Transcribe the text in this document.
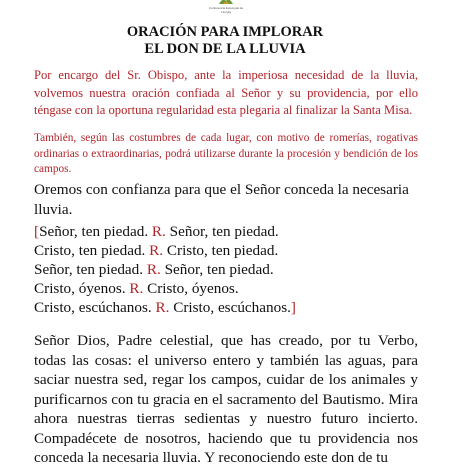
Conferencia Episcopal de
Liturgia
ORACIÓN PARA IMPLORAR
EL DON DE LA LLUVIA
Por encargo del Sr. Obispo, ante la imperiosa necesidad de la lluvia, volvemos nuestra oración confiada al Señor y su providencia, por ello téngase con la oportuna regularidad esta plegaria al finalizar la Santa Misa.
También, según las costumbres de cada lugar, con motivo de romerías, rogativas ordinarias o extraordinarias, podrá utilizarse durante la procesión y bendición de los campos.
Oremos con confianza para que el Señor conceda la necesaria lluvia.
[Señor, ten piedad. R. Señor, ten piedad.
Cristo, ten piedad. R. Cristo, ten piedad.
Señor, ten piedad. R. Señor, ten piedad.
Cristo, óyenos. R. Cristo, óyenos.
Cristo, escúchanos. R. Cristo, escúchanos.]
Señor Dios, Padre celestial, que has creado, por tu Verbo, todas las cosas: el universo entero y también las aguas, para saciar nuestra sed, regar los campos, cuidar de los animales y purificarnos con tu gracia en el sacramento del Bautismo. Mira ahora nuestras tierras sedientas y nuestro futuro incierto. Compadécete de nosotros, haciendo que tu providencia nos conceda la necesaria lluvia. Y reconociendo este don de tu
